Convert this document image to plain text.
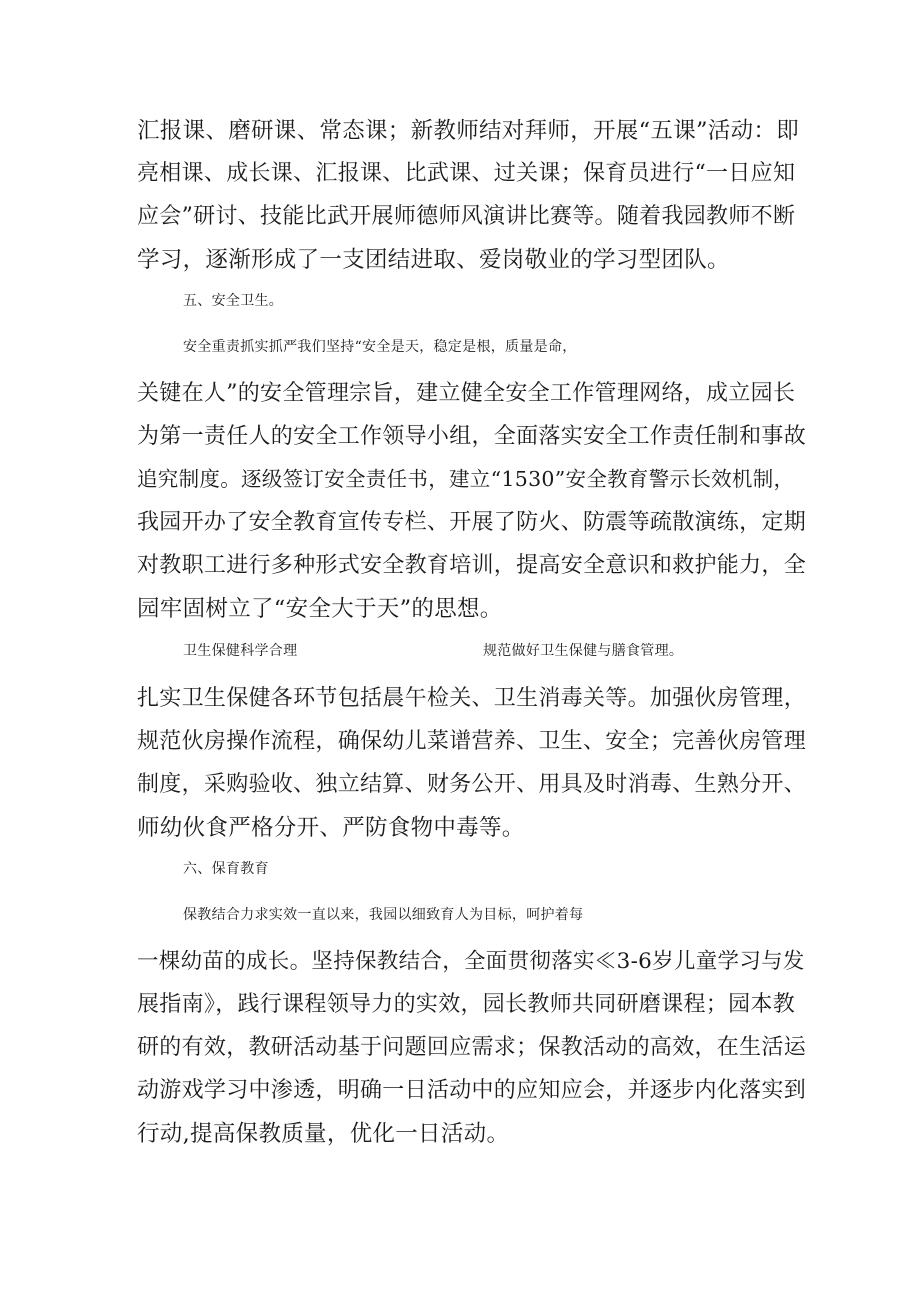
汇报课、磨研课、常态课；新教师结对拜师，开展“五课”活动：即
亮相课、成长课、汇报课、比武课、过关课；保育员进行“一日应知
应会”研讨、技能比武开展师德师风演讲比赛等。随着我园教师不断
学习，逐渐形成了一支团结进取、爱岗敬业的学习型团队。
五、安全卫生。
安全重责抓实抓严我们坚持“安全是天，稳定是根，质量是命，
关键在人”的安全管理宗旨，建立健全安全工作管理网络，成立园长
为第一责任人的安全工作领导小组，全面落实安全工作责任制和事故
追究制度。逐级签订安全责任书，建立“1530”安全教育警示长效机制，
我园开办了安全教育宣传专栏、开展了防火、防震等疏散演练，定期
对教职工进行多种形式安全教育培训，提高安全意识和救护能力，全
园牢固树立了“安全大于天”的思想。
卫生保健科学合理	规范做好卫生保健与膳食管理。
扎实卫生保健各环节包括晨午检关、卫生消毒关等。加强伙房管理，
规范伙房操作流程，确保幼儿菜谱营养、卫生、安全；完善伙房管理
制度，采购验收、独立结算、财务公开、用具及时消毒、生熟分开、
师幼伙食严格分开、严防食物中毒等。
六、保育教育
保教结合力求实效一直以来，我园以细致育人为目标，呵护着每
一棵幼苗的成长。坚持保教结合，全面贯彻落实≪3-6岁儿童学习与发
展指南》，践行课程领导力的实效，园长教师共同研磨课程；园本教
研的有效，教研活动基于问题回应需求；保教活动的高效，在生活运
动游戏学习中渗透，明确一日活动中的应知应会，并逐步内化落实到
行动,提高保教质量，优化一日活动。
